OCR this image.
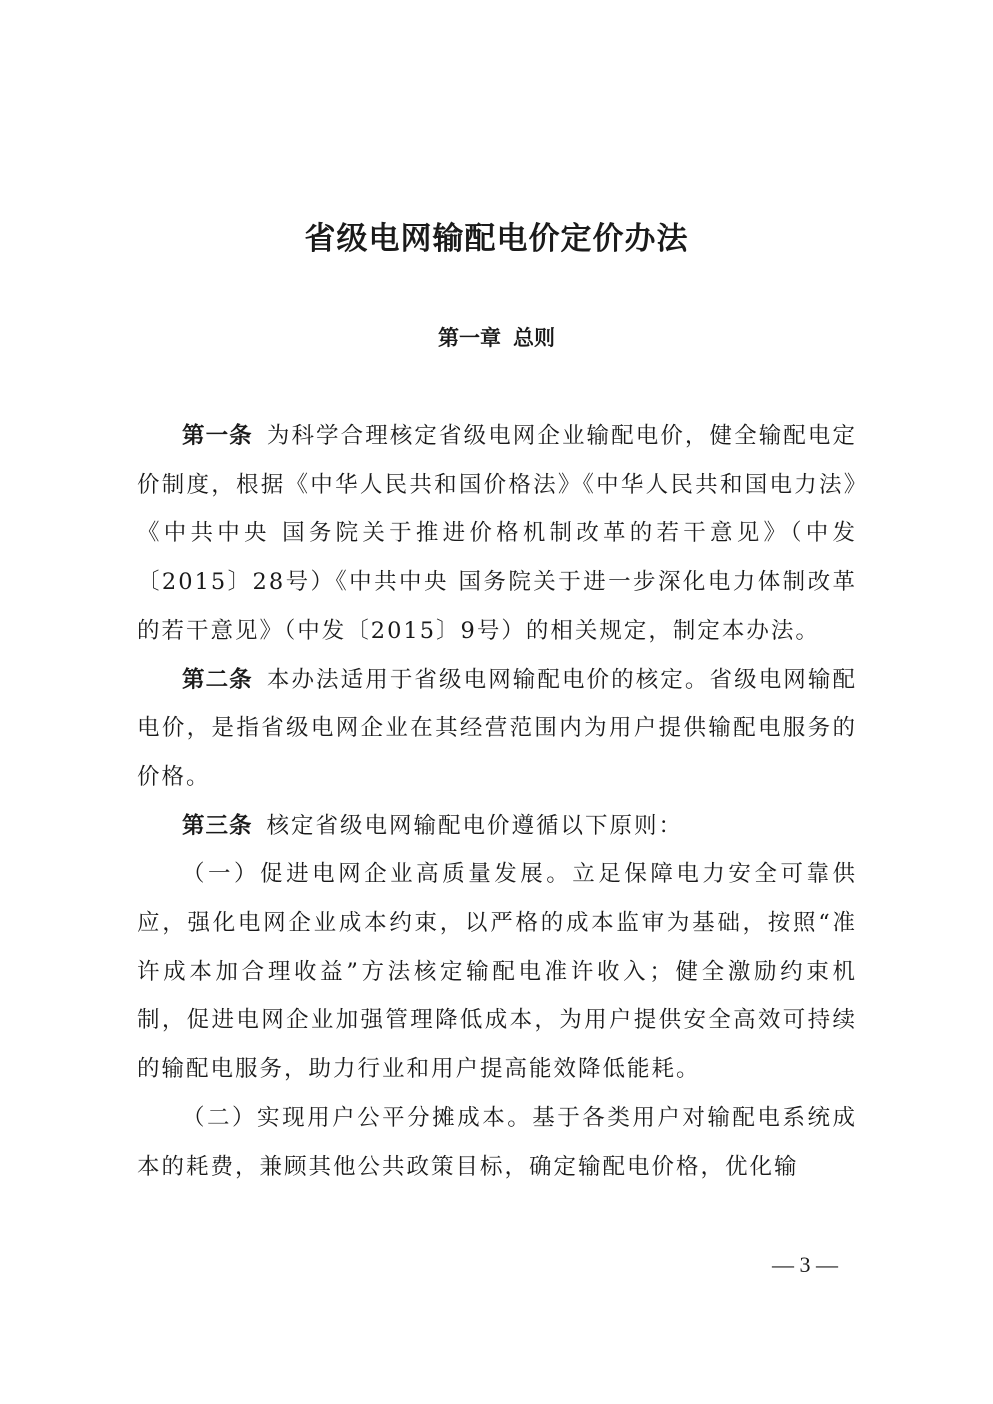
省级电网输配电价定价办法
第一章 总则

第一条 为科学合理核定省级电网企业输配电价，健全输配电定价制度，根据《中华人民共和国价格法》《中华人民共和国电力法》《中共中央 国务院关于推进价格机制改革的若干意见》（中发〔2015〕28号）《中共中央 国务院关于进一步深化电力体制改革的若干意见》（中发〔2015〕9号）的相关规定，制定本办法。

第二条 本办法适用于省级电网输配电价的核定。省级电网输配电价，是指省级电网企业在其经营范围内为用户提供输配电服务的价格。

第三条 核定省级电网输配电价遵循以下原则：

（一）促进电网企业高质量发展。立足保障电力安全可靠供应，强化电网企业成本约束，以严格的成本监审为基础，按照“准许成本加合理收益”方法核定输配电准许收入；健全激励约束机制，促进电网企业加强管理降低成本，为用户提供安全高效可持续的输配电服务，助力行业和用户提高能效降低能耗。

（二）实现用户公平分摊成本。基于各类用户对输配电系统成本的耗费，兼顾其他公共政策目标，确定输配电价格，优化输

— 3 —
